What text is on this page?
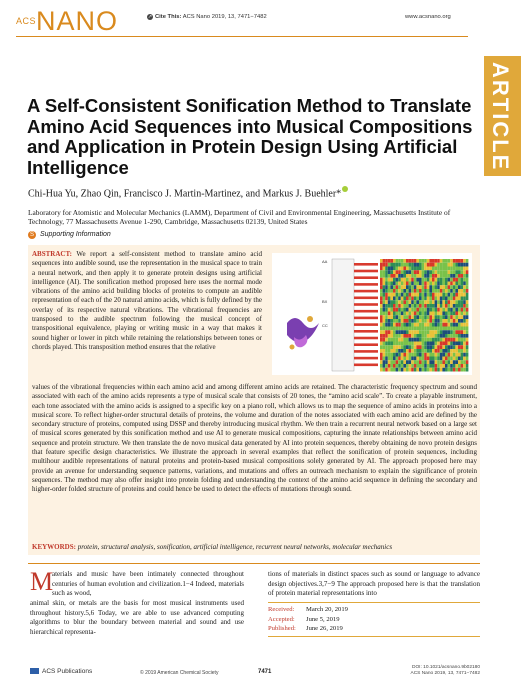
ACSNANO	↗ Cite This: ACS Nano 2019, 13, 7471−7482	www.acsnano.org
ARTICLE
A Self-Consistent Sonification Method to Translate Amino Acid Sequences into Musical Compositions and Application in Protein Design Using Artificial Intelligence
Chi-Hua Yu, Zhao Qin, Francisco J. Martin-Martinez, and Markus J. Buehler*
Laboratory for Atomistic and Molecular Mechanics (LAMM), Department of Civil and Environmental Engineering, Massachusetts Institute of Technology, 77 Massachusetts Avenue 1-290, Cambridge, Massachusetts 02139, United States
S Supporting Information
ABSTRACT: We report a self-consistent method to translate amino acid sequences into audible sound, use the representation in the musical space to train a neural network, and then apply it to generate protein designs using artificial intelligence (AI). The sonification method proposed here uses the normal mode vibrations of the amino acid building blocks of proteins to compute an audible representation of each of the 20 natural amino acids, which is fully defined by the overlay of its respective natural vibrations. The vibrational frequencies are transposed to the audible spectrum following the musical concept of transpositional equivalence, playing or writing music in a way that makes it sound higher or lower in pitch while retaining the relationships between tones or chords played. This transposition method ensures that the relative
AA
BX
CC
values of the vibrational frequencies within each amino acid and among different amino acids are retained. The characteristic frequency spectrum and sound associated with each of the amino acids represents a type of musical scale that consists of 20 tones, the “amino acid scale”. To create a playable instrument, each tone associated with the amino acids is assigned to a specific key on a piano roll, which allows us to map the sequence of amino acids in proteins into a musical score. To reflect higher-order structural details of proteins, the volume and duration of the notes associated with each amino acid are defined by the secondary structure of proteins, computed using DSSP and thereby introducing musical rhythm. We then train a recurrent neural network based on a large set of musical scores generated by this sonification method and use AI to generate musical compositions, capturing the innate relationships between amino acid sequence and protein structure. We then translate the de novo musical data generated by AI into protein sequences, thereby obtaining de novo protein designs that feature specific design characteristics. We illustrate the approach in several examples that reflect the sonification of protein sequences, including multihour audible representations of natural proteins and protein-based musical compositions solely generated by AI. The approach proposed here may provide an avenue for understanding sequence patterns, variations, and mutations and offers an outreach mechanism to explain the significance of protein sequences. The method may also offer insight into protein folding and understanding the context of the amino acid sequence in defining the secondary and higher-order folded structure of proteins and could hence be used to detect the effects of mutations through sound.
KEYWORDS: protein, structural analysis, sonification, artificial intelligence, recurrent neural networks, molecular mechanics
M
aterials and music have been intimately connected throughout centuries of human evolution and civilization.1−4 Indeed, materials such as wood,
animal skin, or metals are the basis for most musical instruments used throughout history.5,6 Today, we are able to use advanced computing algorithms to blur the boundary between material and sound and use hierarchical representa-
tions of materials in distinct spaces such as sound or language to advance design objectives.3,7−9 The approach proposed here is that the translation of protein material representations into
Received: March 20, 2019
Accepted: June 5, 2019
Published: June 26, 2019
ACS Publications	© 2019 American Chemical Society	7471
DOI: 10.1021/acsnano.9b02180
ACS Nano 2019, 13, 7471−7482
